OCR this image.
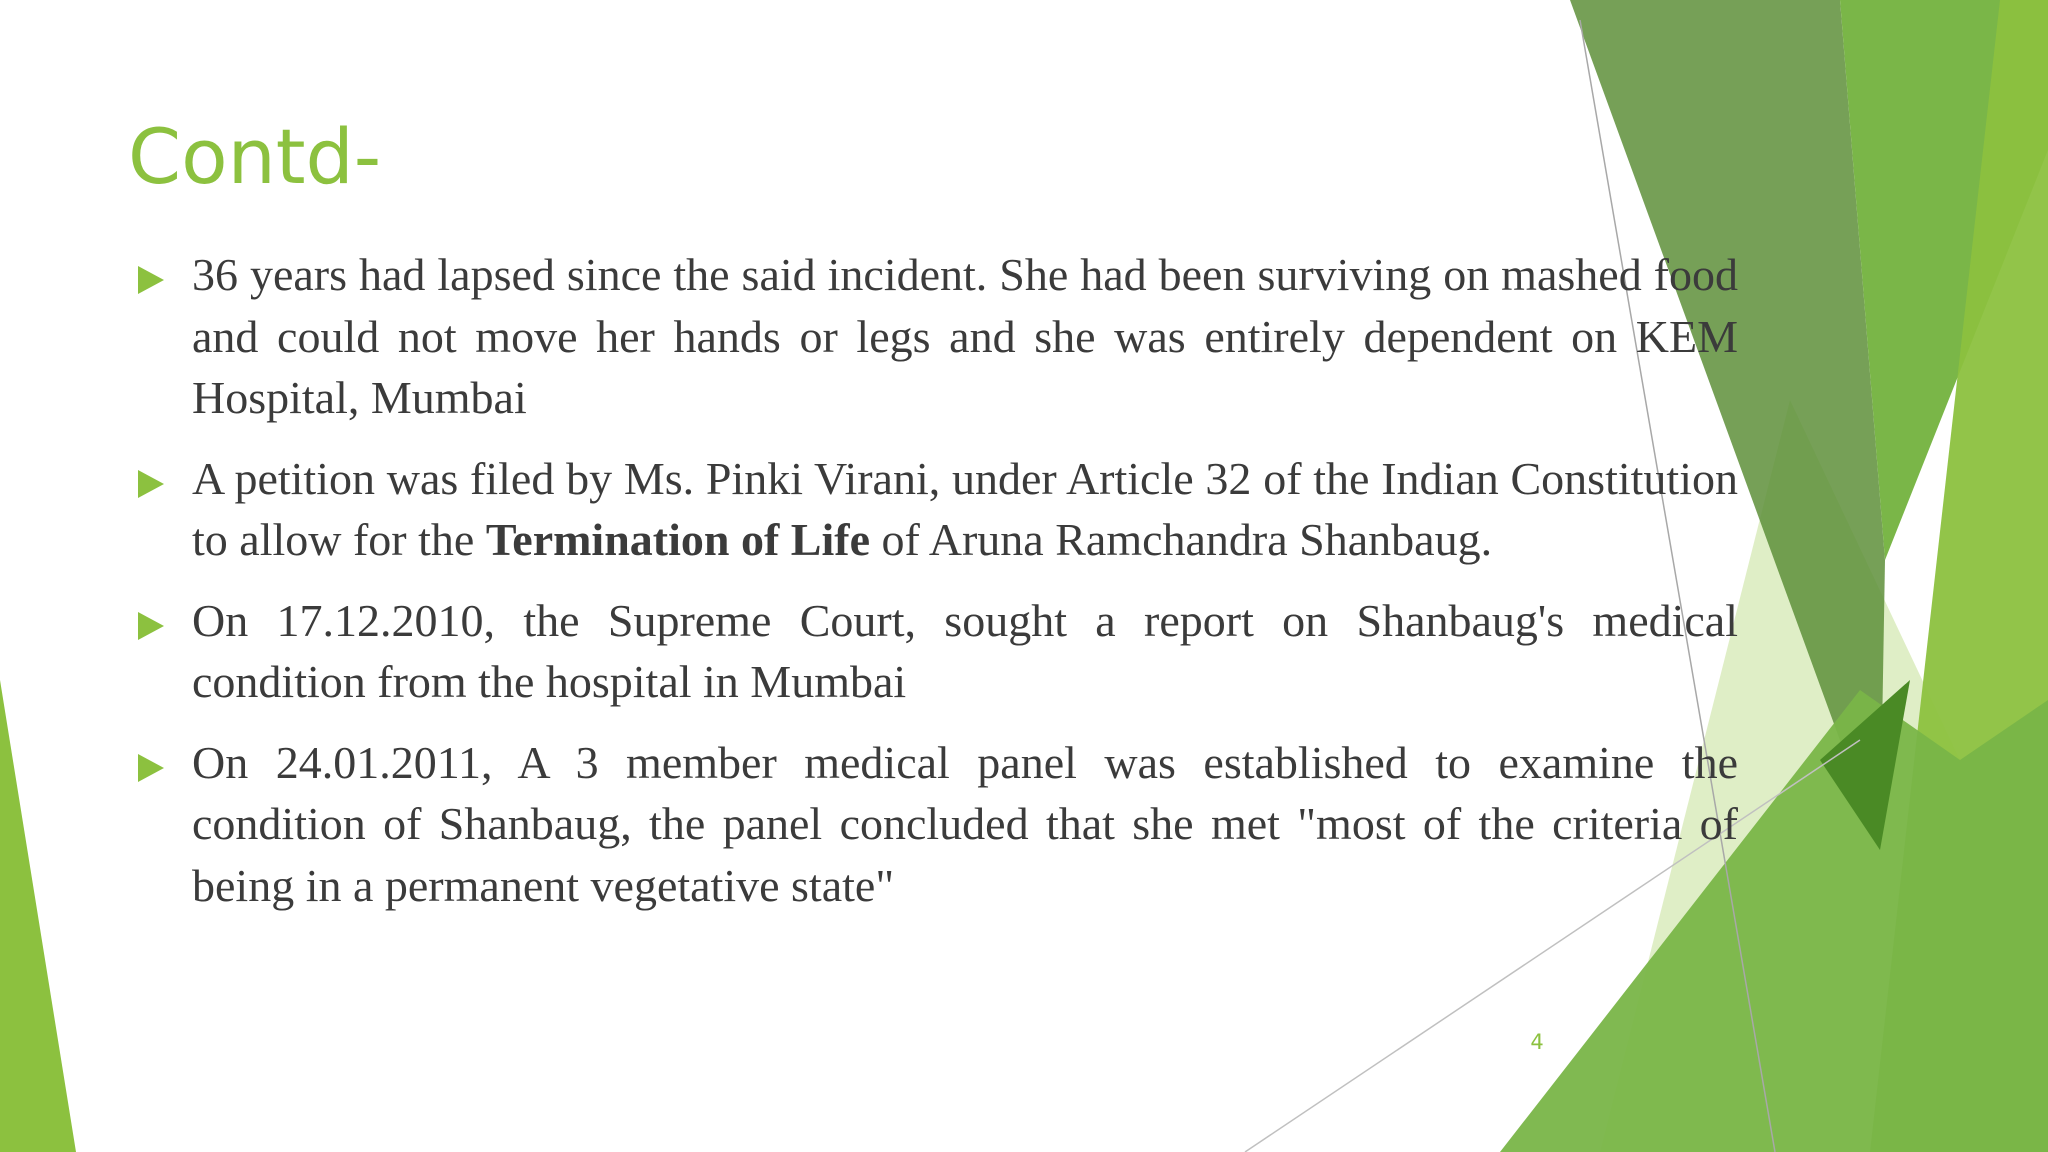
Contd-
36 years had lapsed since the said incident. She had been surviving on mashed food and could not move her hands or legs and she was entirely dependent on KEM Hospital, Mumbai
A petition was filed by Ms. Pinki Virani, under Article 32 of the Indian Constitution to allow for the Termination of Life of Aruna Ramchandra Shanbaug.
On 17.12.2010, the Supreme Court, sought a report on Shanbaug's medical condition from the hospital in Mumbai
On 24.01.2011, A 3 member medical panel was established to examine the condition of Shanbaug, the panel concluded that she met "most of the criteria of being in a permanent vegetative state"
4
